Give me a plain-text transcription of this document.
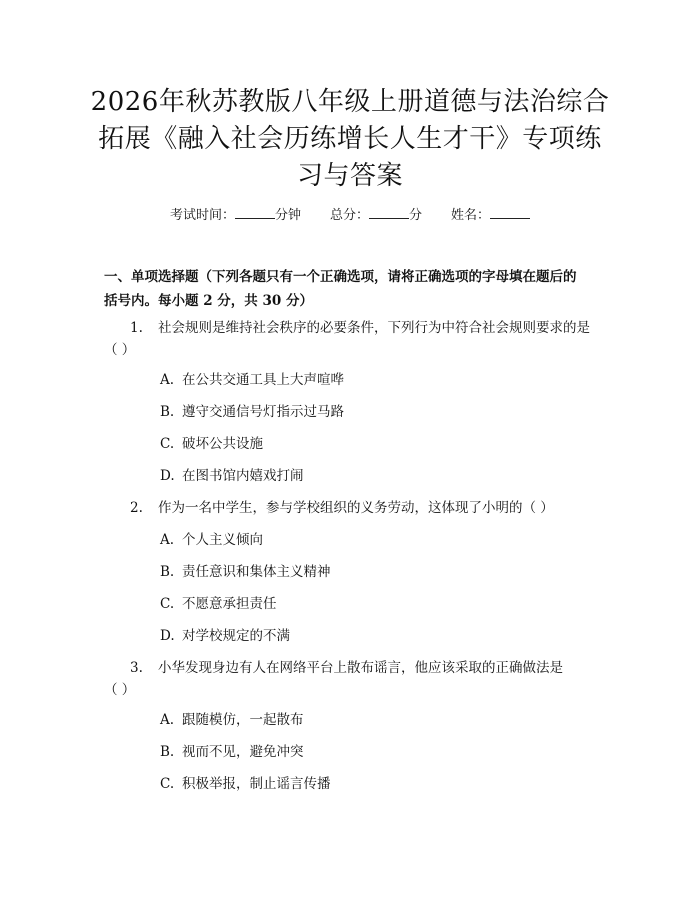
2026年秋苏教版八年级上册道德与法治综合
拓展《融入社会历练增长人生才干》专项练
习与答案
考试时间：	分钟 总分：	分 姓名：
一、单项选择题（下列各题只有一个正确选项，请将正确选项的字母填在题后的
括号内。每小题 2 分，共 30 分）
1. 社会规则是维持社会秩序的必要条件，下列行为中符合社会规则要求的是
（ ）
A. 在公共交通工具上大声喧哗
B. 遵守交通信号灯指示过马路
C. 破坏公共设施
D. 在图书馆内嬉戏打闹
2. 作为一名中学生，参与学校组织的义务劳动，这体现了小明的（ ）
A. 个人主义倾向
B. 责任意识和集体主义精神
C. 不愿意承担责任
D. 对学校规定的不满
3. 小华发现身边有人在网络平台上散布谣言，他应该采取的正确做法是
（ ）
A. 跟随模仿，一起散布
B. 视而不见，避免冲突
C. 积极举报，制止谣言传播
